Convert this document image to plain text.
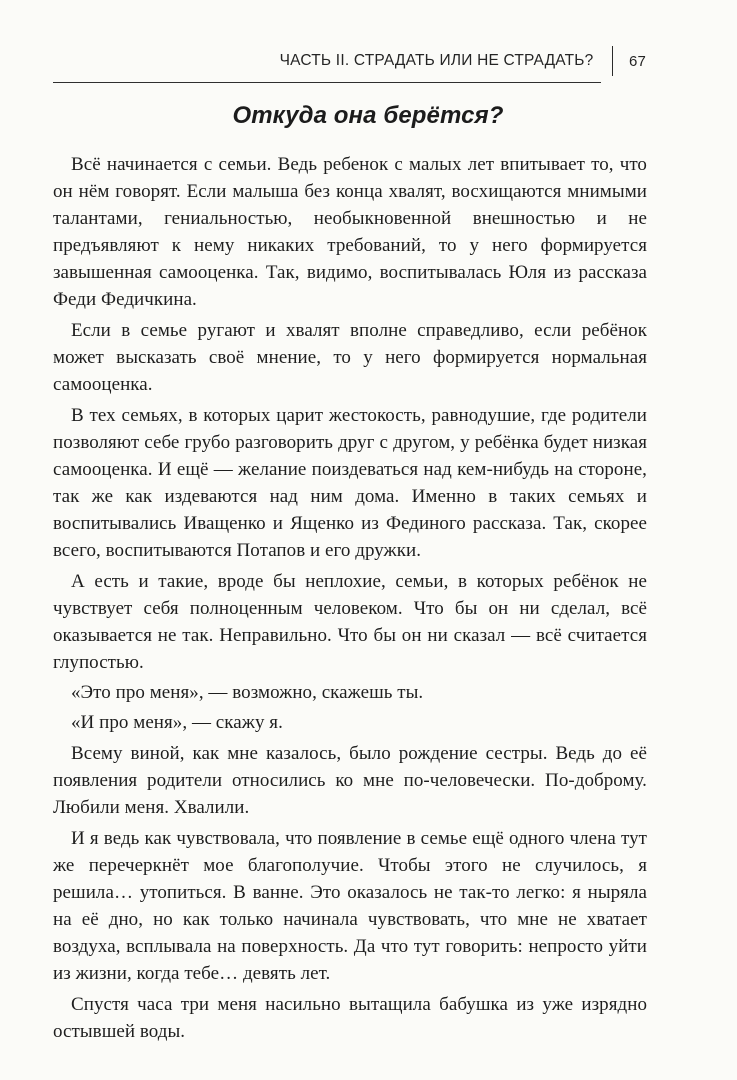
ЧАСТЬ II. СТРАДАТЬ ИЛИ НЕ СТРАДАТЬ?	67
Откуда она берётся?

Всё начинается с семьи. Ведь ребенок с малых лет впитывает то, что он нём говорят. Если малыша без конца хвалят, восхищаются мнимыми талантами, гениальностью, необыкновенной внешностью и не предъявляют к нему никаких требований, то у него формируется завышенная самооценка. Так, видимо, воспитывалась Юля из рассказа Феди Федичкина.

Если в семье ругают и хвалят вполне справедливо, если ребёнок может высказать своё мнение, то у него формируется нормальная самооценка.

В тех семьях, в которых царит жестокость, равнодушие, где родители позволяют себе грубо разговорить друг с другом, у ребёнка будет низкая самооценка. И ещё — желание поиздеваться над кем-нибудь на стороне, так же как издеваются над ним дома. Именно в таких семьях и воспитывались Иващенко и Ященко из Фединого рассказа. Так, скорее всего, воспитываются Потапов и его дружки.

А есть и такие, вроде бы неплохие, семьи, в которых ребёнок не чувствует себя полноценным человеком. Что бы он ни сделал, всё оказывается не так. Неправильно. Что бы он ни сказал — всё считается глупостью.

«Это про меня», — возможно, скажешь ты.

«И про меня», — скажу я.

Всему виной, как мне казалось, было рождение сестры. Ведь до её появления родители относились ко мне по-человечески. По-доброму. Любили меня. Хвалили.

И я ведь как чувствовала, что появление в семье ещё одного члена тут же перечеркнёт мое благополучие. Чтобы этого не случилось, я решила… утопиться. В ванне. Это оказалось не так-то легко: я ныряла на её дно, но как только начинала чувствовать, что мне не хватает воздуха, всплывала на поверхность. Да что тут говорить: непросто уйти из жизни, когда тебе… девять лет.

Спустя часа три меня насильно вытащила бабушка из уже изрядно остывшей воды.
